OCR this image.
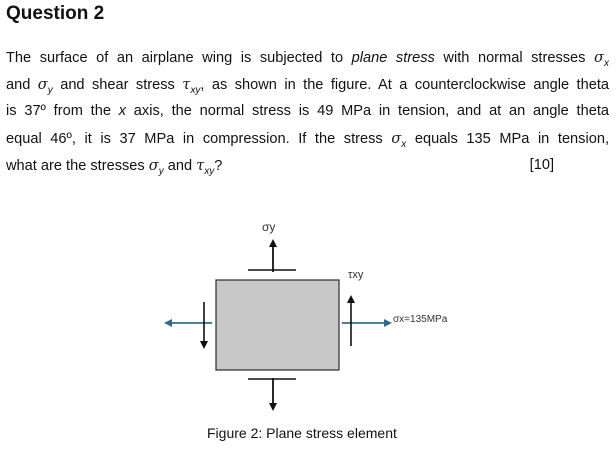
Question 2
The surface of an airplane wing is subjected to plane stress with normal stresses $\sigma_x$
and $\sigma_y$ and shear stress $\tau_{xy}$, as shown in the figure. At a counterclockwise angle theta
is 37º from the x axis, the normal stress is 49 MPa in tension, and at an angle theta
equal 46º, it is 37 MPa in compression. If the stress $\sigma_x$ equals 135 MPa in tension,
what are the stresses $\sigma_y$ and $\tau_{xy}$?	[10]
σy
τxy
σx=135MPa
Figure 2: Plane stress element
